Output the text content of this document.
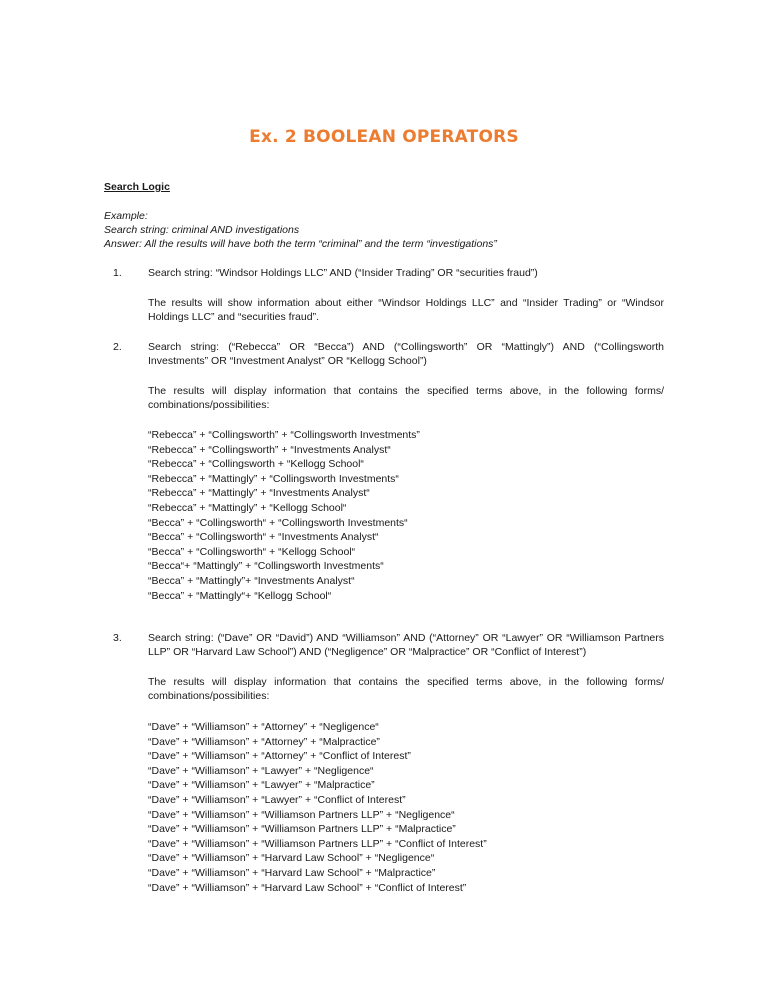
Ex. 2 BOOLEAN OPERATORS
Search Logic
Example:
Search string: criminal AND investigations
Answer: All the results will have both the term “criminal” and the term “investigations”
1. Search string: “Windsor Holdings LLC” AND (“Insider Trading” OR “securities fraud”)
The results will show information about either “Windsor Holdings LLC” and “Insider Trading” or “Windsor Holdings LLC” and “securities fraud”.
2. Search string: (“Rebecca” OR “Becca”) AND (“Collingsworth” OR “Mattingly”) AND (“Collingsworth Investments” OR “Investment Analyst” OR “Kellogg School”)
The results will display information that contains the specified terms above, in the following forms/ combinations/possibilities:
“Rebecca” + “Collingsworth” + “Collingsworth Investments”
“Rebecca” + “Collingsworth” + “Investments Analyst“
“Rebecca” + “Collingsworth + “Kellogg School“
“Rebecca” + “Mattingly” + “Collingsworth Investments“
“Rebecca” + “Mattingly” + “Investments Analyst“
“Rebecca” + “Mattingly” + “Kellogg School“
“Becca” + “Collingsworth“ + “Collingsworth Investments“
“Becca” + “Collingsworth“ + “Investments Analyst“
“Becca” + “Collingsworth“ + “Kellogg School“
“Becca“+ “Mattingly” + “Collingsworth Investments“
“Becca” + “Mattingly”+ “Investments Analyst“
“Becca” + “Mattingly“+ “Kellogg School“
3. Search string: (“Dave” OR “David”) AND “Williamson” AND (“Attorney” OR “Lawyer” OR “Williamson Partners LLP” OR “Harvard Law School”) AND (“Negligence” OR “Malpractice” OR “Conflict of Interest”)
The results will display information that contains the specified terms above, in the following forms/ combinations/possibilities:
“Dave” + “Williamson” + “Attorney” + “Negligence“
“Dave” + “Williamson” + “Attorney” + “Malpractice”
“Dave” + “Williamson” + “Attorney” + “Conflict of Interest”
“Dave” + “Williamson” + “Lawyer” + “Negligence“
“Dave” + “Williamson” + “Lawyer” + “Malpractice”
“Dave” + “Williamson” + “Lawyer” + “Conflict of Interest”
“Dave” + “Williamson” + “Williamson Partners LLP” + “Negligence“
“Dave” + “Williamson” + “Williamson Partners LLP” + “Malpractice”
“Dave” + “Williamson” + “Williamson Partners LLP” + “Conflict of Interest”
“Dave” + “Williamson” + “Harvard Law School” + “Negligence“
“Dave” + “Williamson” + “Harvard Law School” + “Malpractice”
“Dave” + “Williamson” + “Harvard Law School” + “Conflict of Interest”
